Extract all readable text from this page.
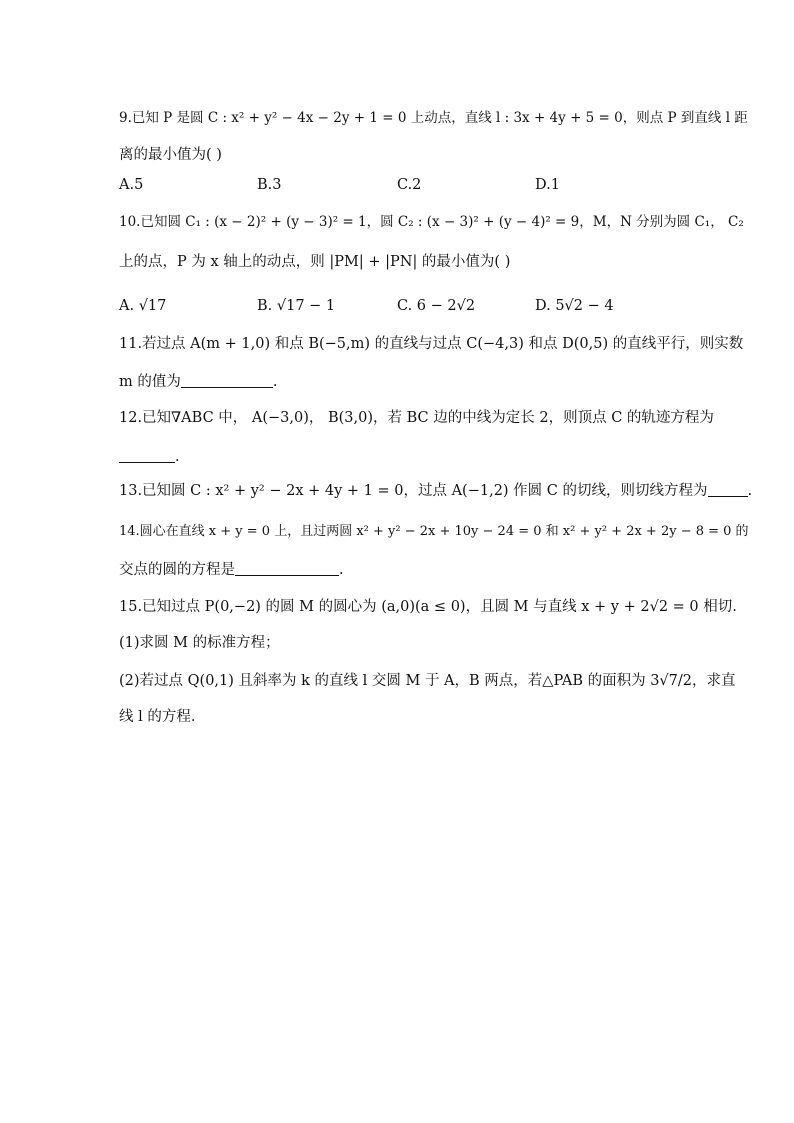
9.已知 P 是圆 C : x² + y² − 4x − 2y + 1 = 0 上动点，直线 l : 3x + 4y + 5 = 0，则点 P 到直线 l 距
离的最小值为( )
A.5	B.3	C.2	D.1
10.已知圆 C₁ : (x − 2)² + (y − 3)² = 1，圆 C₂ : (x − 3)² + (y − 4)² = 9，M，N 分别为圆 C₁， C₂
上的点，P 为 x 轴上的动点，则 |PM| + |PN| 的最小值为( )
A. √17	B. √17 − 1	C. 6 − 2√2	D. 5√2 − 4
11.若过点 A(m + 1,0) 和点 B(−5,m) 的直线与过点 C(−4,3) 和点 D(0,5) 的直线平行，则实数
m 的值为	.
12.已知∇ABC 中， A(−3,0)， B(3,0)，若 BC 边的中线为定长 2，则顶点 C 的轨迹方程为
.
13.已知圆 C : x² + y² − 2x + 4y + 1 = 0，过点 A(−1,2) 作圆 C 的切线，则切线方程为	.
14.圆心在直线 x + y = 0 上，且过两圆 x² + y² − 2x + 10y − 24 = 0 和 x² + y² + 2x + 2y − 8 = 0 的
交点的圆的方程是	.
15.已知过点 P(0,−2) 的圆 M 的圆心为 (a,0)(a ≤ 0)，且圆 M 与直线 x + y + 2√2 = 0 相切.
(1)求圆 M 的标准方程；
(2)若过点 Q(0,1) 且斜率为 k 的直线 l 交圆 M 于 A，B 两点，若△PAB 的面积为 3√7/2，求直
线 l 的方程.
